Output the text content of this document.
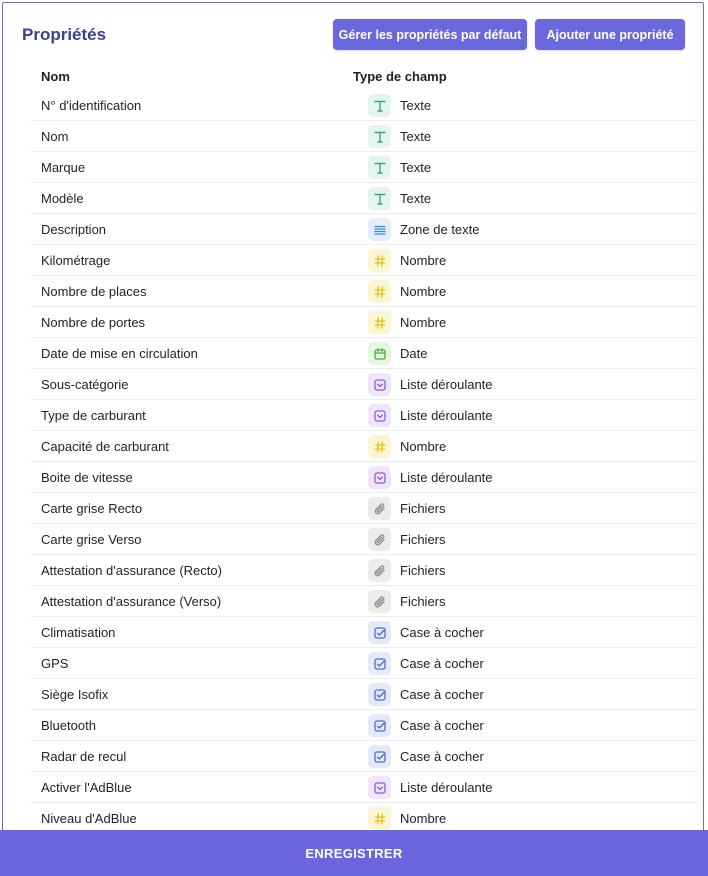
Propriétés	Gérer les propriétés par défaut	Ajouter une propriété
Nom	Type de champ
N° d'identification	Texte
Nom	Texte
Marque	Texte
Modèle	Texte
Description	Zone de texte
Kilométrage	Nombre
Nombre de places	Nombre
Nombre de portes	Nombre
Date de mise en circulation	Date
Sous-catégorie	Liste déroulante
Type de carburant	Liste déroulante
Capacité de carburant	Nombre
Boite de vitesse	Liste déroulante
Carte grise Recto	Fichiers
Carte grise Verso	Fichiers
Attestation d'assurance (Recto)	Fichiers
Attestation d'assurance (Verso)	Fichiers
Climatisation	Case à cocher
GPS	Case à cocher
Siège Isofix	Case à cocher
Bluetooth	Case à cocher
Radar de recul	Case à cocher
Activer l'AdBlue	Liste déroulante
Niveau d'AdBlue	Nombre
ENREGISTRER
